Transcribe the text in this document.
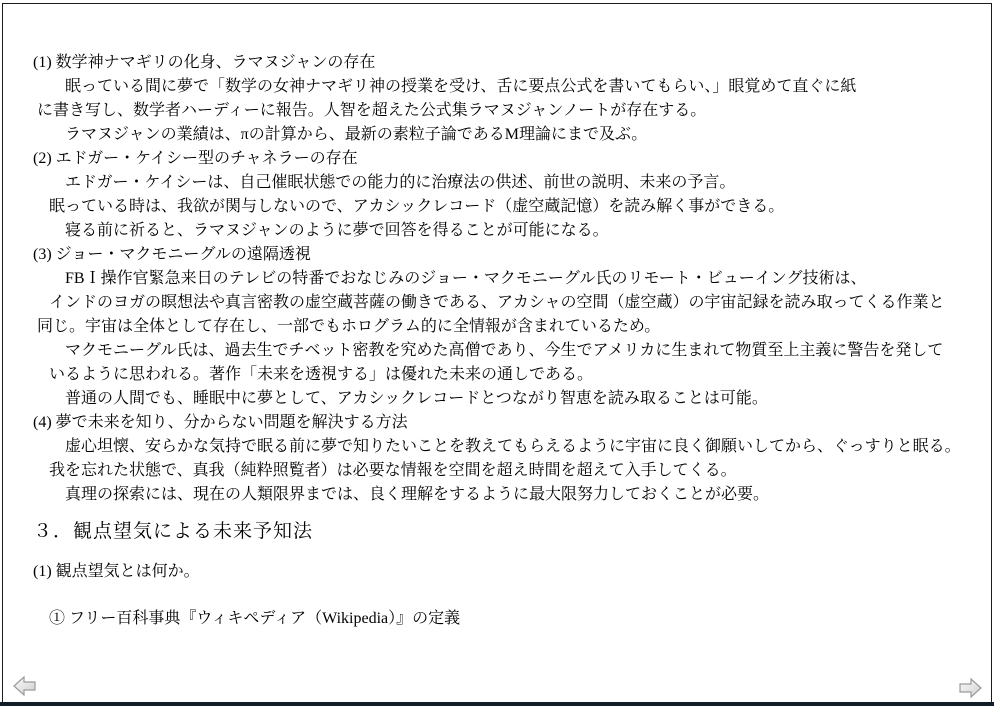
(1) 数学神ナマギリの化身、ラマヌジャンの存在
　　眠っている間に夢で「数学の女神ナマギリ神の授業を受け、舌に要点公式を書いてもらい、」眼覚めて直ぐに紙
に書き写し、数学者ハーディーに報告。人智を超えた公式集ラマヌジャンノートが存在する。
　　ラマヌジャンの業績は、πの計算から、最新の素粒子論であるM理論にまで及ぶ。
(2) エドガー・ケイシー型のチャネラーの存在
　　エドガー・ケイシーは、自己催眠状態での能力的に治療法の供述、前世の説明、未来の予言。
　眠っている時は、我欲が関与しないので、アカシックレコード（虚空蔵記憶）を読み解く事ができる。
　　寝る前に祈ると、ラマヌジャンのように夢で回答を得ることが可能になる。
(3) ジョー・マクモニーグルの遠隔透視
　　FBＩ操作官緊急来日のテレビの特番でおなじみのジョー・マクモニーグル氏のリモート・ビューイング技術は、
　インドのヨガの瞑想法や真言密教の虚空蔵菩薩の働きである、アカシャの空間（虚空蔵）の宇宙記録を読み取ってくる作業と
同じ。宇宙は全体として存在し、一部でもホログラム的に全情報が含まれているため。
　　マクモニーグル氏は、過去生でチベット密教を究めた高僧であり、今生でアメリカに生まれて物質至上主義に警告を発して
　いるように思われる。著作「未来を透視する」は優れた未来の通しである。
　　普通の人間でも、睡眠中に夢として、アカシックレコードとつながり智恵を読み取ることは可能。
(4) 夢で未来を知り、分からない問題を解決する方法
　　虚心坦懐、安らかな気持で眠る前に夢で知りたいことを教えてもらえるように宇宙に良く御願いしてから、ぐっすりと眠る。
　我を忘れた状態で、真我（純粋照覧者）は必要な情報を空間を超え時間を超えて入手してくる。
　　真理の探索には、現在の人類限界までは、良く理解をするように最大限努力しておくことが必要。
３．観点望気による未来予知法
(1) 観点望気とは何か。
　① フリー百科事典『ウィキペディア（Wikipedia）』の定義
